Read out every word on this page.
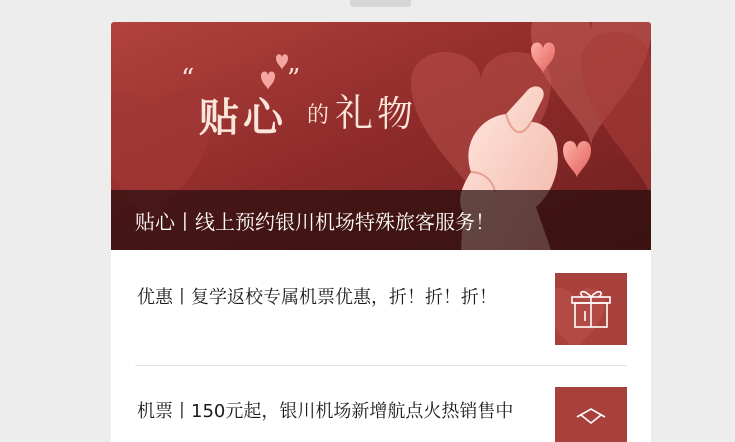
“
贴 心
”
的 礼 物
贴心丨线上预约银川机场特殊旅客服务！
优惠丨复学返校专属机票优惠，折！折！折！
机票丨150元起，银川机场新增航点火热销售中
